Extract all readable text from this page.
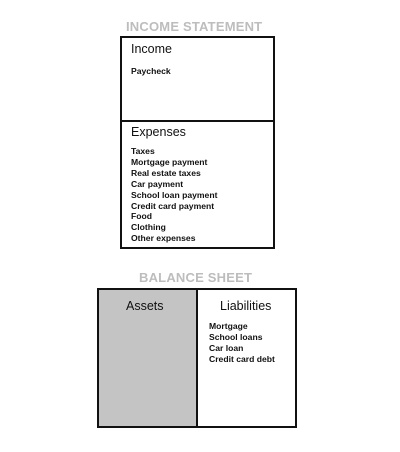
INCOME STATEMENT
Income
Paycheck
Expenses
Taxes
Mortgage payment
Real estate taxes
Car payment
School loan payment
Credit card payment
Food
Clothing
Other expenses
BALANCE SHEET
Assets	Liabilities
Mortgage
School loans
Car loan
Credit card debt
